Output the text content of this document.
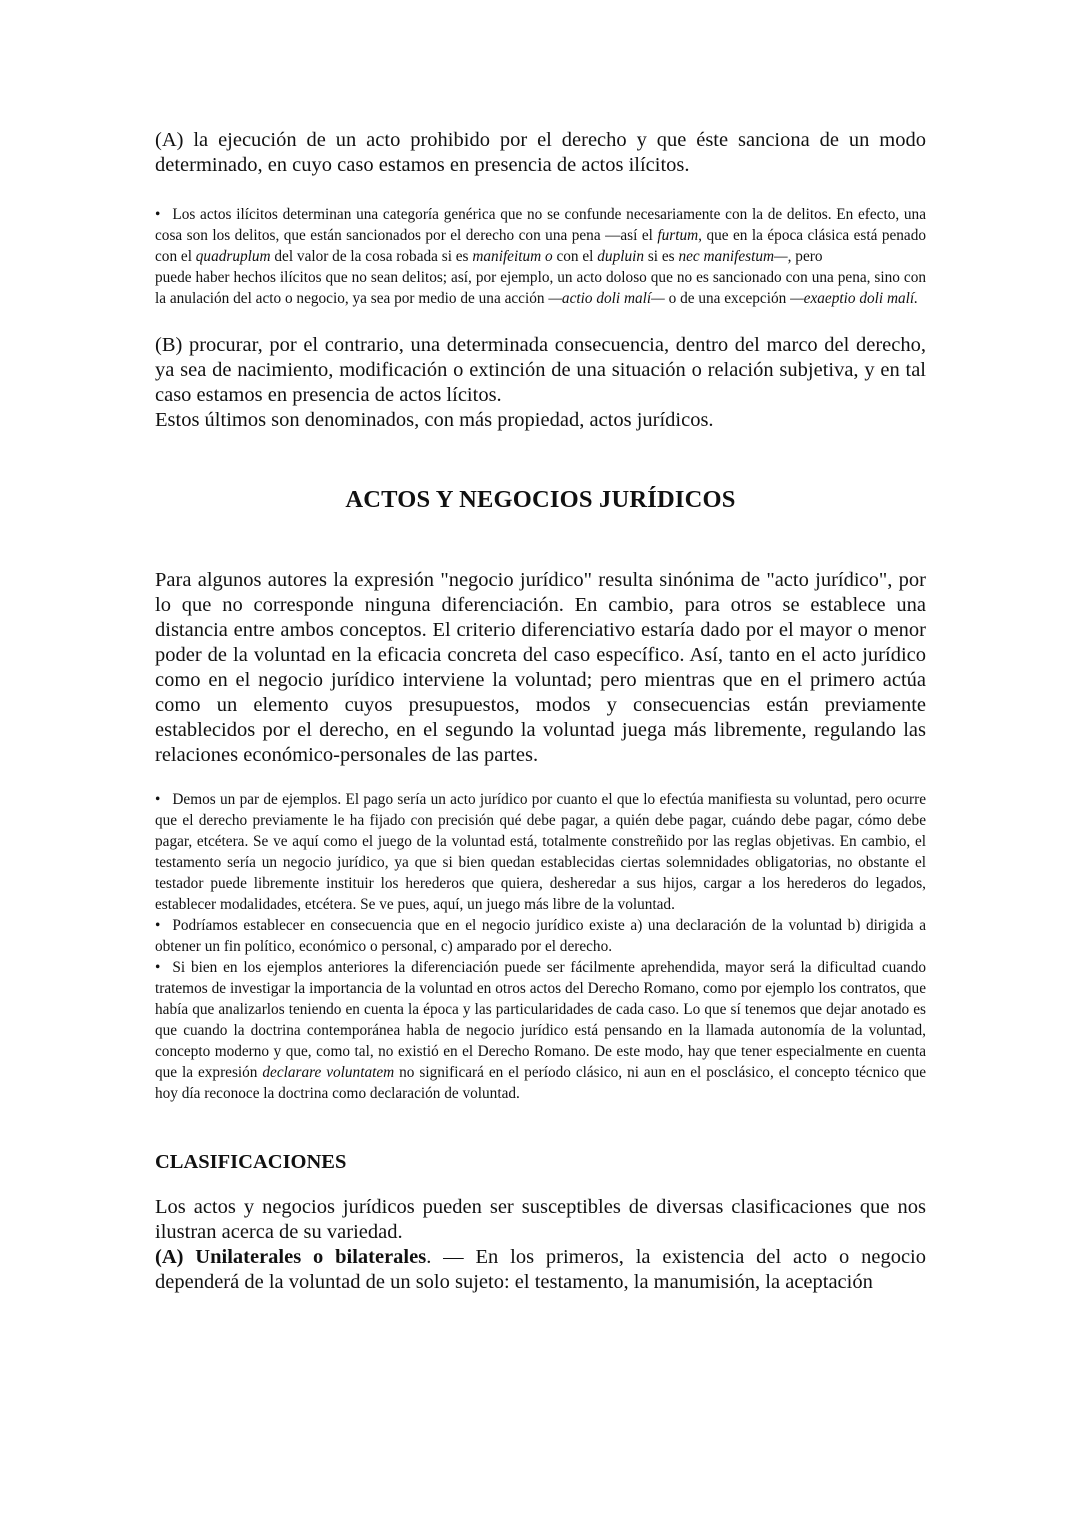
(A) la ejecución de un acto prohibido por el derecho y que éste sanciona de un modo determinado, en cuyo caso estamos en presencia de actos ilícitos.

• Los actos ilícitos determinan una categoría genérica que no se confunde necesariamente con la de delitos. En efecto, una cosa son los delitos, que están sancionados por el derecho con una pena —así el furtum, que en la época clásica está penado con el quadruplum del valor de la cosa robada si es manifeitum o con el dupluin si es nec manifestum—, pero
puede haber hechos ilícitos que no sean delitos; así, por ejemplo, un acto doloso que no es sancionado con una pena, sino con la anulación del acto o negocio, ya sea por medio de una acción —actio doli malí— o de una excepción —exaeptio doli malí.

(B) procurar, por el contrario, una determinada consecuencia, dentro del marco del derecho, ya sea de nacimiento, modificación o extinción de una situación o relación subjetiva, y en tal caso estamos en presencia de actos lícitos.
Estos últimos son denominados, con más propiedad, actos jurídicos.

ACTOS Y NEGOCIOS JURÍDICOS

Para algunos autores la expresión "negocio jurídico" resulta sinónima de "acto jurídico", por lo que no corresponde ninguna diferenciación. En cambio, para otros se establece una distancia entre ambos conceptos. El criterio diferenciativo estaría dado por el mayor o menor poder de la voluntad en la eficacia concreta del caso específico. Así, tanto en el acto jurídico como en el negocio jurídico interviene la voluntad; pero mientras que en el primero actúa como un elemento cuyos presupuestos, modos y consecuencias están previamente establecidos por el derecho, en el segundo la voluntad juega más libremente, regulando las relaciones económico-personales de las partes.

• Demos un par de ejemplos. El pago sería un acto jurídico por cuanto el que lo efectúa manifiesta su voluntad, pero ocurre que el derecho previamente le ha fijado con precisión qué debe pagar, a quién debe pagar, cuándo debe pagar, cómo debe pagar, etcétera. Se ve aquí como el juego de la voluntad está, totalmente constreñido por las reglas objetivas. En cambio, el testamento sería un negocio jurídico, ya que si bien quedan establecidas ciertas solemnidades obligatorias, no obstante el testador puede libremente instituir los herederos que quiera, desheredar a sus hijos, cargar a los herederos do legados, establecer modalidades, etcétera. Se ve pues, aquí, un juego más libre de la voluntad.

• Podríamos establecer en consecuencia que en el negocio jurídico existe a) una declaración de la voluntad b) dirigida a obtener un fin político, económico o personal, c) amparado por el derecho.

• Si bien en los ejemplos anteriores la diferenciación puede ser fácilmente aprehendida, mayor será la dificultad cuando tratemos de investigar la importancia de la voluntad en otros actos del Derecho Romano, como por ejemplo los contratos, que había que analizarlos teniendo en cuenta la época y las particularidades de cada caso. Lo que sí tenemos que dejar anotado es que cuando la doctrina contemporánea habla de negocio jurídico está pensando en la llamada autonomía de la voluntad, concepto moderno y que, como tal, no existió en el Derecho Romano. De este modo, hay que tener especialmente en cuenta que la expresión declarare voluntatem no significará en el período clásico, ni aun en el posclásico, el concepto técnico que hoy día reconoce la doctrina como declaración de voluntad.

CLASIFICACIONES

Los actos y negocios jurídicos pueden ser susceptibles de diversas clasificaciones que nos ilustran acerca de su variedad.

(A) Unilaterales o bilaterales. — En los primeros, la existencia del acto o negocio dependerá de la voluntad de un solo sujeto: el testamento, la manumisión, la aceptación
